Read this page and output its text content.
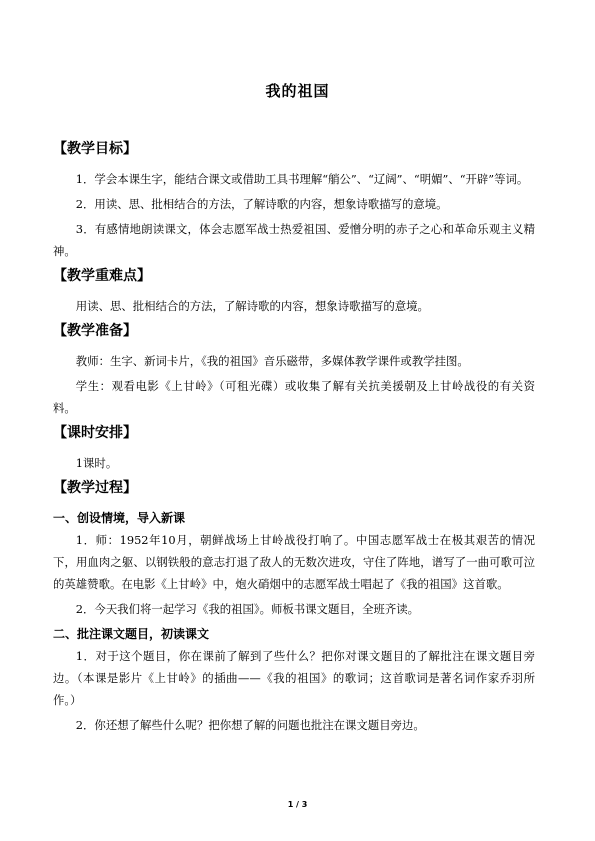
我的祖国
【教学目标】

1．学会本课生字，能结合课文或借助工具书理解“艄公”、“辽阔”、“明媚”、“开辟”等词。

2．用读、思、批相结合的方法，了解诗歌的内容，想象诗歌描写的意境。

3．有感情地朗读课文，体会志愿军战士热爱祖国、爱憎分明的赤子之心和革命乐观主义精神。

【教学重难点】

用读、思、批相结合的方法，了解诗歌的内容，想象诗歌描写的意境。

【教学准备】

教师：生字、新词卡片，《我的祖国》音乐磁带，多媒体教学课件或教学挂图。

学生：观看电影《上甘岭》（可租光碟）或收集了解有关抗美援朝及上甘岭战役的有关资料。

【课时安排】

1课时。

【教学过程】
一、创设情境，导入新课

1．师：1952年10月，朝鲜战场上甘岭战役打响了。中国志愿军战士在极其艰苦的情况下，用血肉之躯、以钢铁般的意志打退了敌人的无数次进攻，守住了阵地，谱写了一曲可歌可泣的英雄赞歌。在电影《上甘岭》中，炮火硝烟中的志愿军战士唱起了《我的祖国》这首歌。

2．今天我们将一起学习《我的祖国》。师板书课文题目，全班齐读。

二、批注课文题目，初读课文

1．对于这个题目，你在课前了解到了些什么？把你对课文题目的了解批注在课文题目旁边。（本课是影片《上甘岭》的插曲——《我的祖国》的歌词；这首歌词是著名词作家乔羽所作。）

2．你还想了解些什么呢？把你想了解的问题也批注在课文题目旁边。

1 / 3
